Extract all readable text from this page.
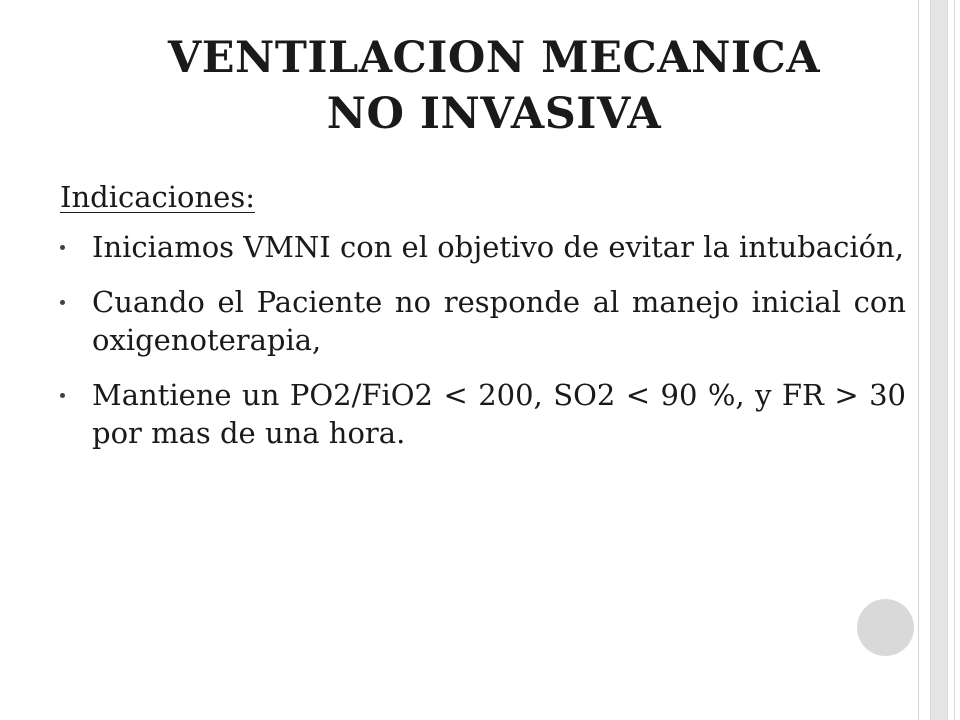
VENTILACION MECANICA
NO INVASIVA
Indicaciones:
Iniciamos VMNI con el objetivo de evitar la intubación,
Cuando el Paciente no responde al manejo inicial con oxigenoterapia,
Mantiene un PO2/FiO2 < 200, SO2 < 90 %, y FR > 30 por mas de una hora.
